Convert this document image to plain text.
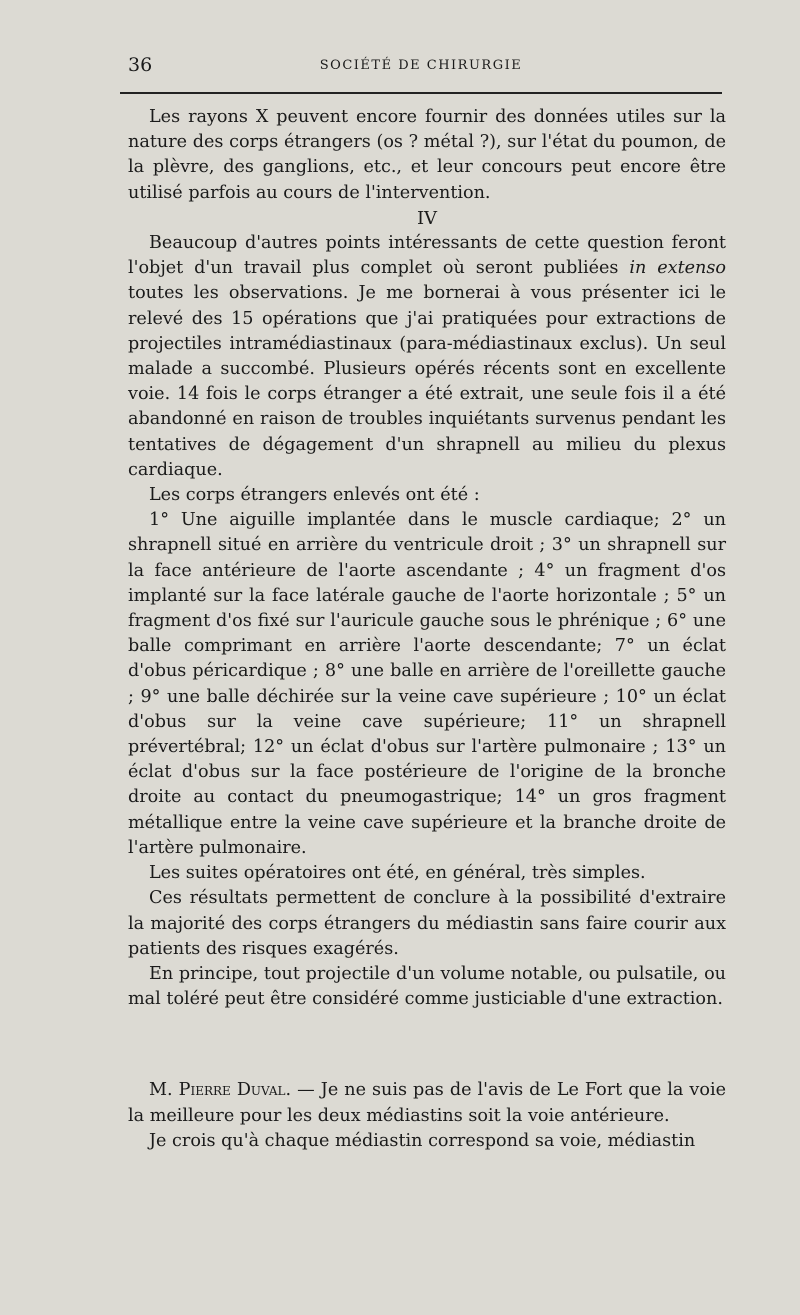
36	SOCIÉTÉ DE CHIRURGIE

Les rayons X peuvent encore fournir des données utiles sur la nature des corps étrangers (os ? métal ?), sur l'état du poumon, de la plèvre, des ganglions, etc., et leur concours peut encore être utilisé parfois au cours de l'intervention.

IV

Beaucoup d'autres points intéressants de cette question feront l'objet d'un travail plus complet où seront publiées in extenso toutes les observations. Je me bornerai à vous présenter ici le relevé des 15 opérations que j'ai pratiquées pour extractions de projectiles intramédiastinaux (para-médiastinaux exclus). Un seul malade a succombé. Plusieurs opérés récents sont en excellente voie. 14 fois le corps étranger a été extrait, une seule fois il a été abandonné en raison de troubles inquiétants survenus pendant les tentatives de dégagement d'un shrapnell au milieu du plexus cardiaque.

Les corps étrangers enlevés ont été :

1° Une aiguille implantée dans le muscle cardiaque; 2° un shrapnell situé en arrière du ventricule droit ; 3° un shrapnell sur la face antérieure de l'aorte ascendante ; 4° un fragment d'os implanté sur la face latérale gauche de l'aorte horizontale ; 5° un fragment d'os fixé sur l'auricule gauche sous le phrénique ; 6° une balle comprimant en arrière l'aorte descendante; 7° un éclat d'obus péricardique ; 8° une balle en arrière de l'oreillette gauche ; 9° une balle déchirée sur la veine cave supérieure ; 10° un éclat d'obus sur la veine cave supérieure; 11° un shrapnell prévertébral; 12° un éclat d'obus sur l'artère pulmonaire ; 13° un éclat d'obus sur la face postérieure de l'origine de la bronche droite au contact du pneumogastrique; 14° un gros fragment métallique entre la veine cave supérieure et la branche droite de l'artère pulmonaire.

Les suites opératoires ont été, en général, très simples.

Ces résultats permettent de conclure à la possibilité d'extraire la majorité des corps étrangers du médiastin sans faire courir aux patients des risques exagérés.

En principe, tout projectile d'un volume notable, ou pulsatile, ou mal toléré peut être considéré comme justiciable d'une extraction.

M. Pierre Duval. — Je ne suis pas de l'avis de Le Fort que la voie la meilleure pour les deux médiastins soit la voie antérieure.

Je crois qu'à chaque médiastin correspond sa voie, médiastin
